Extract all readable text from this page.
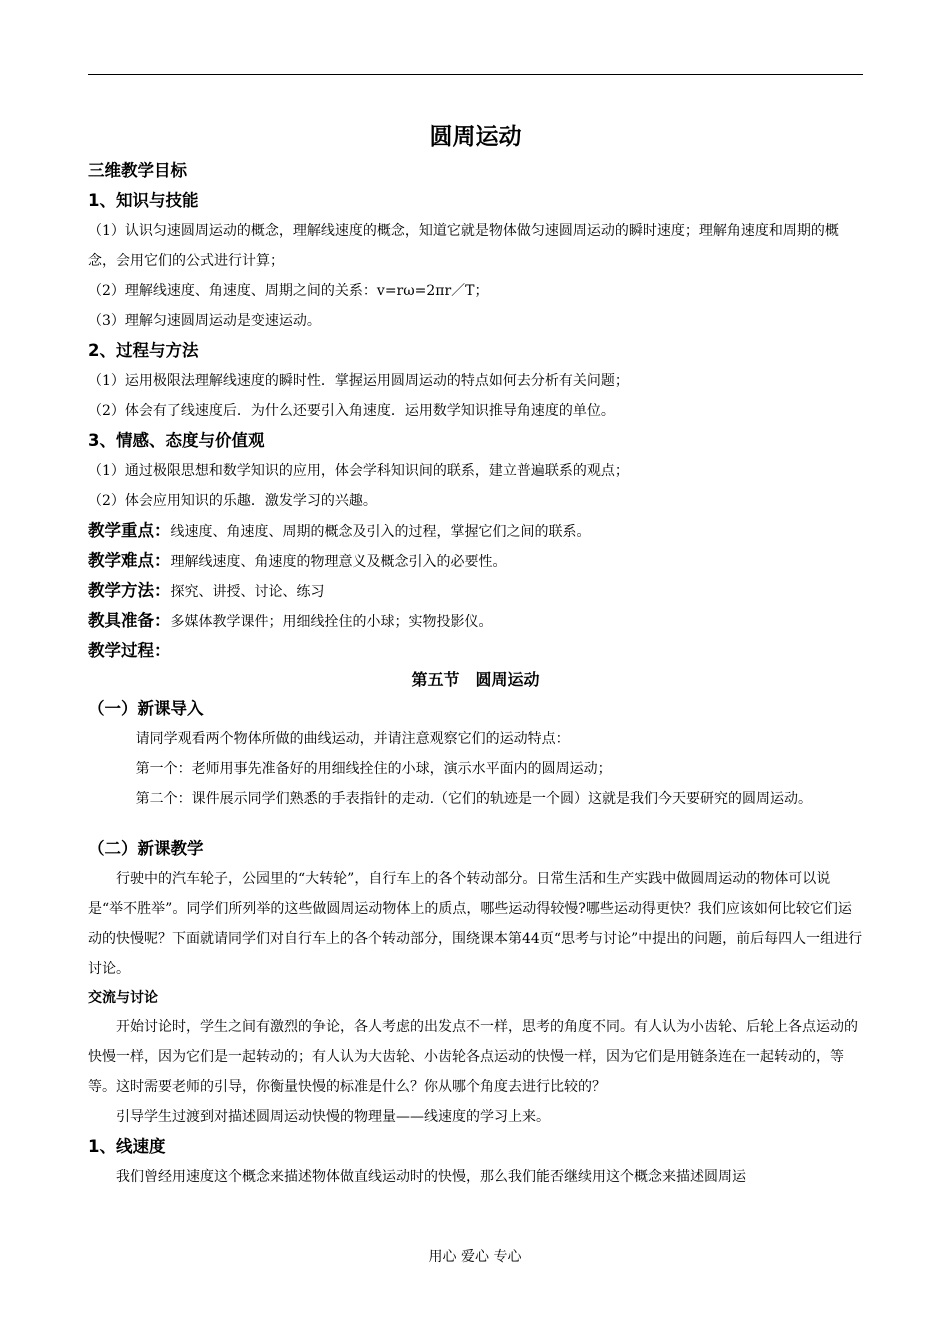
圆周运动
三维教学目标
1、知识与技能
（1）认识匀速圆周运动的概念，理解线速度的概念，知道它就是物体做匀速圆周运动的瞬时速度；理解角速度和周期的概念，会用它们的公式进行计算；
（2）理解线速度、角速度、周期之间的关系：v=rω=2πr／T；
（3）理解匀速圆周运动是变速运动。
2、过程与方法
（1）运用极限法理解线速度的瞬时性．掌握运用圆周运动的特点如何去分析有关问题；
（2）体会有了线速度后．为什么还要引入角速度．运用数学知识推导角速度的单位。
3、情感、态度与价值观
（1）通过极限思想和数学知识的应用，体会学科知识间的联系，建立普遍联系的观点；
（2）体会应用知识的乐趣．激发学习的兴趣。
教学重点：线速度、角速度、周期的概念及引入的过程，掌握它们之间的联系。
教学难点：理解线速度、角速度的物理意义及概念引入的必要性。
教学方法：探究、讲授、讨论、练习
教具准备：多媒体教学课件；用细线拴住的小球；实物投影仪。
教学过程：
第五节　圆周运动
（一）新课导入
请同学观看两个物体所做的曲线运动，并请注意观察它们的运动特点：
第一个：老师用事先准备好的用细线拴住的小球，演示水平面内的圆周运动；
第二个：课件展示同学们熟悉的手表指针的走动.（它们的轨迹是一个圆）这就是我们今天要研究的圆周运动。
（二）新课教学
行驶中的汽车轮子，公园里的“大转轮”，自行车上的各个转动部分。日常生活和生产实践中做圆周运动的物体可以说是“举不胜举”。同学们所列举的这些做圆周运动物体上的质点，哪些运动得较慢?哪些运动得更快？我们应该如何比较它们运动的快慢呢？下面就请同学们对自行车上的各个转动部分，围绕课本第44页“思考与讨论”中提出的问题，前后每四人一组进行讨论。
交流与讨论
开始讨论时，学生之间有激烈的争论，各人考虑的出发点不一样，思考的角度不同。有人认为小齿轮、后轮上各点运动的快慢一样，因为它们是一起转动的；有人认为大齿轮、小齿轮各点运动的快慢一样，因为它们是用链条连在一起转动的，等等。这时需要老师的引导，你衡量快慢的标准是什么？你从哪个角度去进行比较的？
引导学生过渡到对描述圆周运动快慢的物理量——线速度的学习上来。
1、线速度
我们曾经用速度这个概念来描述物体做直线运动时的快慢，那么我们能否继续用这个概念来描述圆周运
用心 爱心 专心
